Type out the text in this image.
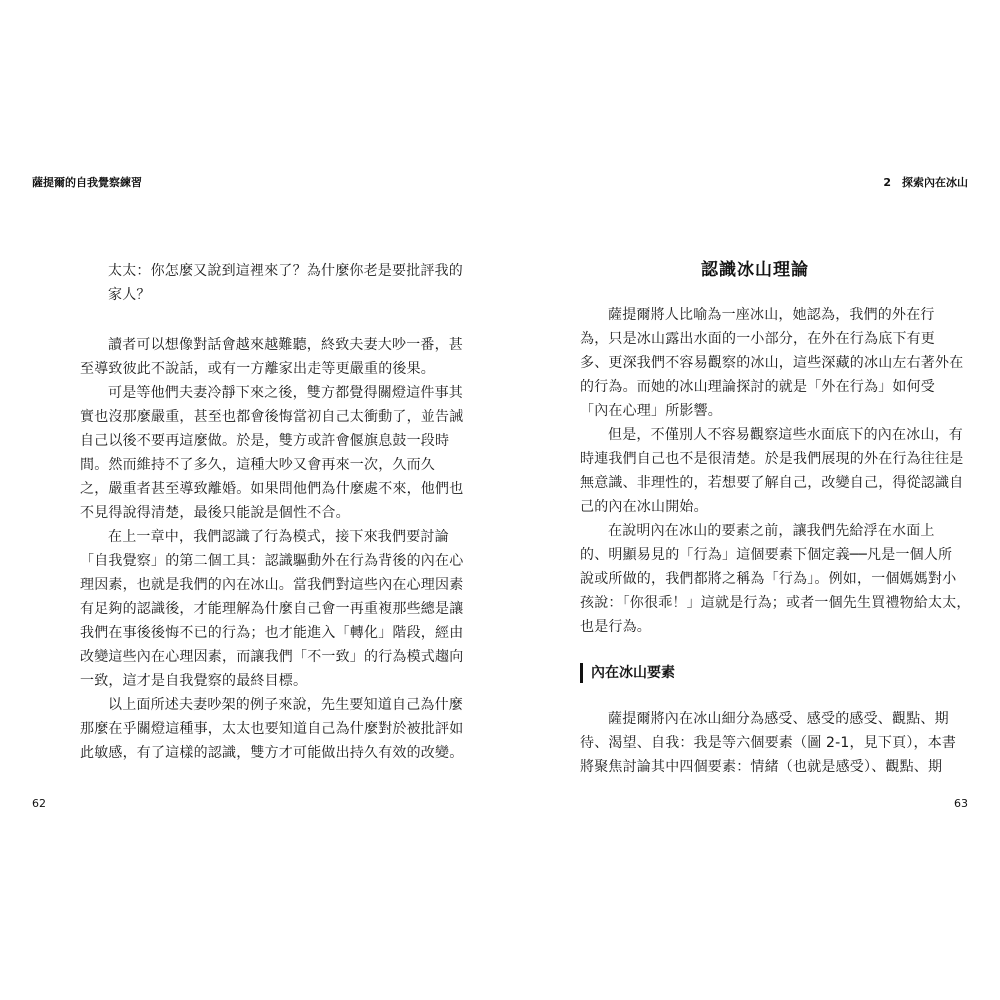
薩提爾的自我覺察練習

太太：你怎麼又說到這裡來了？為什麼你老是要批評我的

家人？

讀者可以想像對話會越來越難聽，終致夫妻大吵一番，甚

至導致彼此不說話，或有一方離家出走等更嚴重的後果。

可是等他們夫妻冷靜下來之後，雙方都覺得關燈這件事其

實也沒那麼嚴重，甚至也都會後悔當初自己太衝動了，並告誡

自己以後不要再這麼做。於是，雙方或許會偃旗息鼓一段時

間。然而維持不了多久，這種大吵又會再來一次，久而久

之，嚴重者甚至導致離婚。如果問他們為什麼處不來，他們也

不見得說得清楚，最後只能說是個性不合。

在上一章中，我們認識了行為模式，接下來我們要討論

「自我覺察」的第二個工具：認識驅動外在行為背後的內在心

理因素，也就是我們的內在冰山。當我們對這些內在心理因素

有足夠的認識後，才能理解為什麼自己會一再重複那些總是讓

我們在事後後悔不已的行為；也才能進入「轉化」階段，經由

改變這些內在心理因素，而讓我們「不一致」的行為模式趨向

一致，這才是自我覺察的最終目標。

以上面所述夫妻吵架的例子來說，先生要知道自己為什麼

那麼在乎關燈這種事，太太也要知道自己為什麼對於被批評如

此敏感，有了這樣的認識，雙方才可能做出持久有效的改變。

62
2　探索內在冰山
認識冰山理論

薩提爾將人比喻為一座冰山，她認為，我們的外在行

為，只是冰山露出水面的一小部分，在外在行為底下有更

多、更深我們不容易觀察的冰山，這些深藏的冰山左右著外在

的行為。而她的冰山理論探討的就是「外在行為」如何受

「內在心理」所影響。

但是，不僅別人不容易觀察這些水面底下的內在冰山，有

時連我們自己也不是很清楚。於是我們展現的外在行為往往是

無意識、非理性的，若想要了解自己，改變自己，得從認識自

己的內在冰山開始。

在說明內在冰山的要素之前，讓我們先給浮在水面上

的、明顯易見的「行為」這個要素下個定義──凡是一個人所

說或所做的，我們都將之稱為「行為」。例如，一個媽媽對小

孩說：「你很乖！」這就是行為；或者一個先生買禮物給太太，

也是行為。

內在冰山要素

薩提爾將內在冰山細分為感受、感受的感受、觀點、期

待、渴望、自我：我是等六個要素（圖 2-1，見下頁），本書

將聚焦討論其中四個要素：情緒（也就是感受）、觀點、期

63
